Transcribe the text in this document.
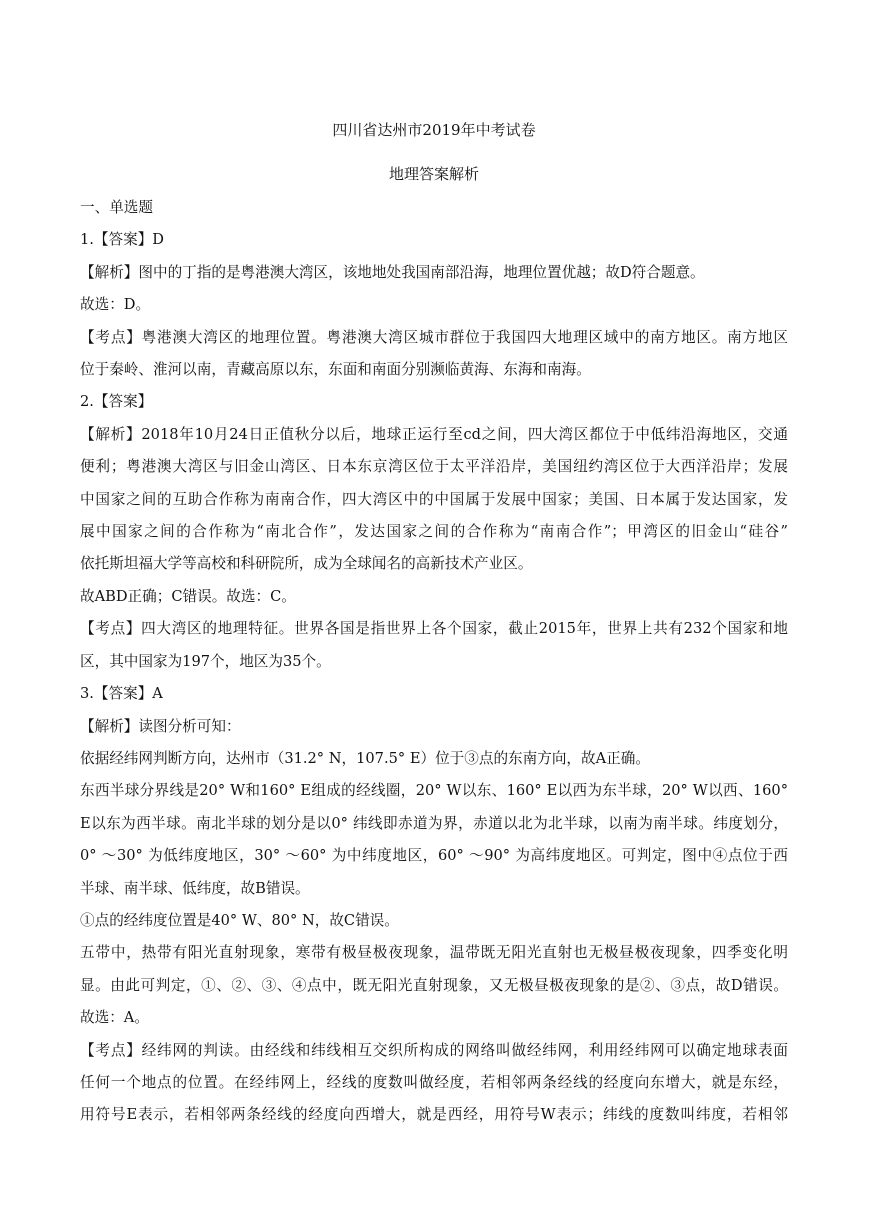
四川省达州市2019年中考试卷

地理答案解析

一、单选题

1.【答案】D

【解析】图中的丁指的是粤港澳大湾区，该地地处我国南部沿海，地理位置优越；故D符合题意。

故选：D。

【考点】粤港澳大湾区的地理位置。粤港澳大湾区城市群位于我国四大地理区域中的南方地区。南方地区

位于秦岭、淮河以南，青藏高原以东，东面和南面分别濒临黄海、东海和南海。

2.【答案】

【解析】2018年10月24日正值秋分以后，地球正运行至cd之间，四大湾区都位于中低纬沿海地区，交通

便利；粤港澳大湾区与旧金山湾区、日本东京湾区位于太平洋沿岸，美国纽约湾区位于大西洋沿岸；发展

中国家之间的互助合作称为南南合作，四大湾区中的中国属于发展中国家；美国、日本属于发达国家，发

展中国家之间的合作称为“南北合作”，发达国家之间的合作称为“南南合作”；甲湾区的旧金山“硅谷”

依托斯坦福大学等高校和科研院所，成为全球闻名的高新技术产业区。

故ABD正确；C错误。故选：C。

【考点】四大湾区的地理特征。世界各国是指世界上各个国家，截止2015年，世界上共有232个国家和地

区，其中国家为197个，地区为35个。

3.【答案】A

【解析】读图分析可知：

依据经纬网判断方向，达州市（31.2° N，107.5° E）位于③点的东南方向，故A正确。

东西半球分界线是20° W和160° E组成的经线圈，20° W以东、160° E以西为东半球，20° W以西、160°

E以东为西半球。南北半球的划分是以0° 纬线即赤道为界，赤道以北为北半球，以南为南半球。纬度划分，

0° ～30° 为低纬度地区，30° ～60° 为中纬度地区，60° ～90° 为高纬度地区。可判定，图中④点位于西

半球、南半球、低纬度，故B错误。

①点的经纬度位置是40° W、80° N，故C错误。

五带中，热带有阳光直射现象，寒带有极昼极夜现象，温带既无阳光直射也无极昼极夜现象，四季变化明

显。由此可判定，①、②、③、④点中，既无阳光直射现象，又无极昼极夜现象的是②、③点，故D错误。

故选：A。

【考点】经纬网的判读。由经线和纬线相互交织所构成的网络叫做经纬网，利用经纬网可以确定地球表面

任何一个地点的位置。在经纬网上，经线的度数叫做经度，若相邻两条经线的经度向东增大，就是东经，

用符号E表示，若相邻两条经线的经度向西增大，就是西经，用符号W表示；纬线的度数叫纬度，若相邻
